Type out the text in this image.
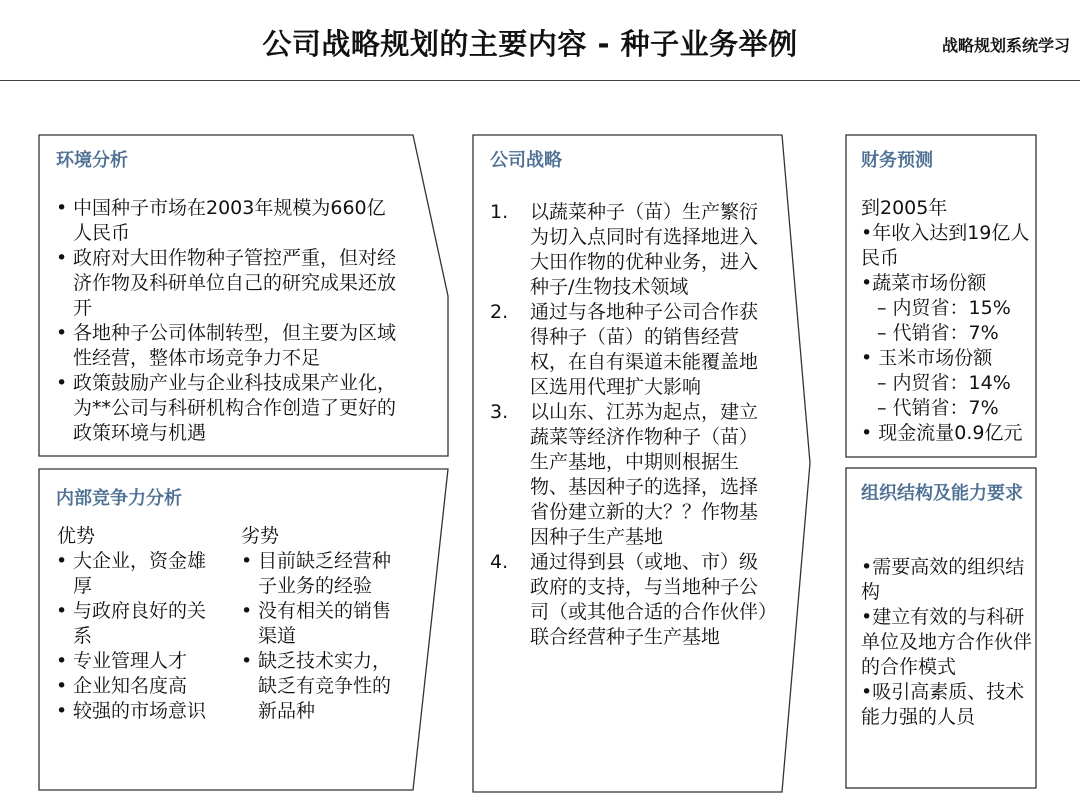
公司战略规划的主要内容 - 种子业务举例	战略规划系统学习
环境分析
• 中国种子市场在2003年规模为660亿人民币
• 政府对大田作物种子管控严重，但对经济作物及科研单位自己的研究成果还放开
• 各地种子公司体制转型，但主要为区域性经营，整体市场竞争力不足
• 政策鼓励产业与企业科技成果产业化，为**公司与科研机构合作创造了更好的政策环境与机遇
内部竞争力分析
优势
• 大企业，资金雄厚
• 与政府良好的关系
• 专业管理人才
• 企业知名度高
• 较强的市场意识
劣势
• 目前缺乏经营种子业务的经验
• 没有相关的销售渠道
• 缺乏技术实力，缺乏有竞争性的新品种
公司战略
1. 以蔬菜种子（苗）生产繁衍为切入点同时有选择地进入大田作物的优种业务，进入种子/生物技术领域
2. 通过与各地种子公司合作获得种子（苗）的销售经营权，在自有渠道未能覆盖地区选用代理扩大影响
3. 以山东、江苏为起点，建立蔬菜等经济作物种子（苗）生产基地，中期则根据生物、基因种子的选择，选择省份建立新的大？？作物基因种子生产基地
4. 通过得到县（或地、市）级政府的支持，与当地种子公司（或其他合适的合作伙伴）联合经营种子生产基地
财务预测
到2005年
•年收入达到19亿人民币
•蔬菜市场份额
– 内贸省：15%
– 代销省：7%
• 玉米市场份额
– 内贸省：14%
– 代销省：7%
• 现金流量0.9亿元
组织结构及能力要求
•需要高效的组织结构
•建立有效的与科研单位及地方合作伙伴的合作模式
•吸引高素质、技术能力强的人员
